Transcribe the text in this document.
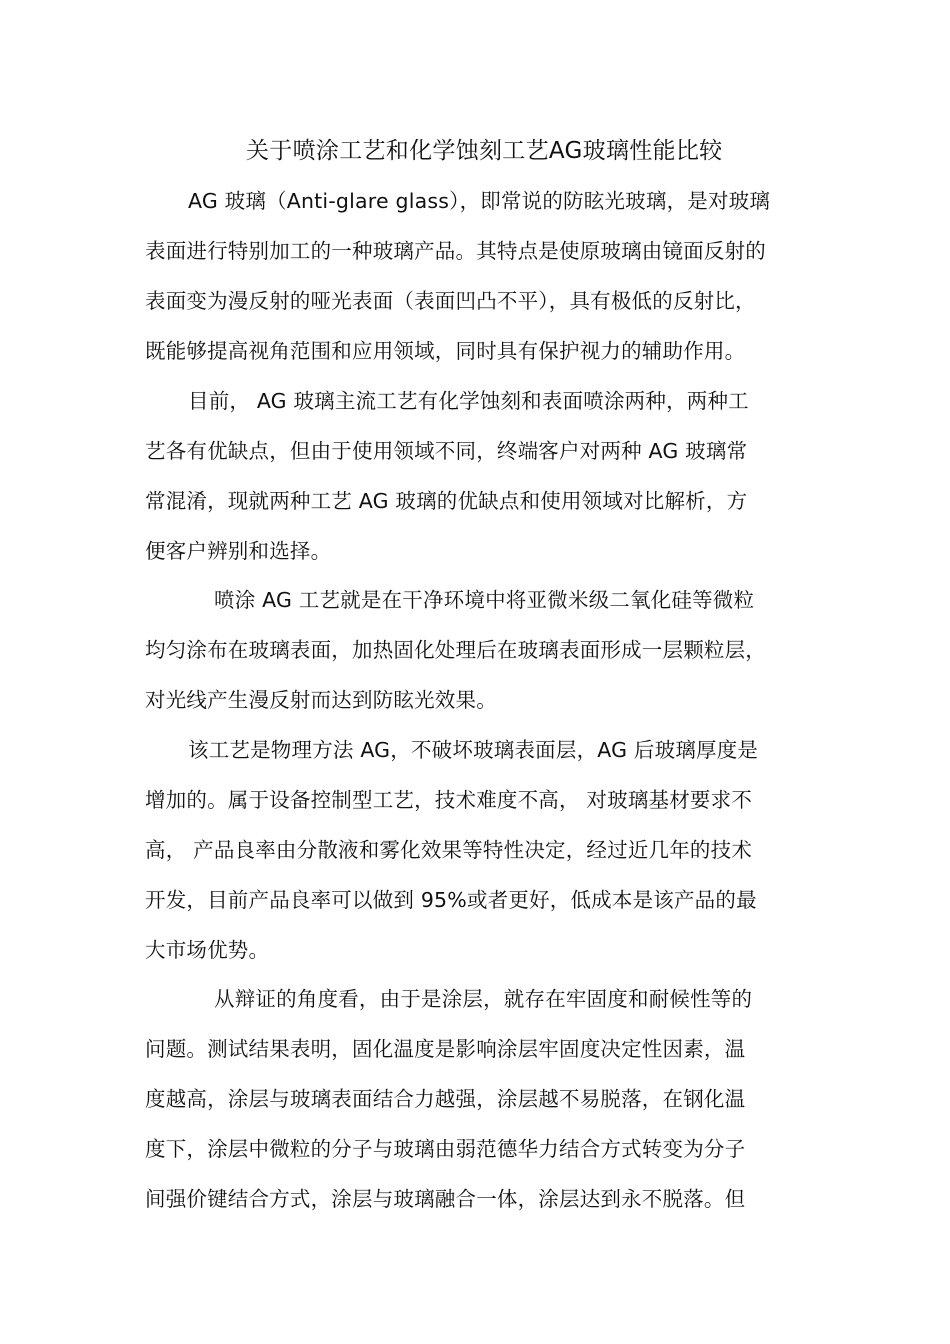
关于喷涂工艺和化学蚀刻工艺AG玻璃性能比较
AG 玻璃（Anti-glare glass），即常说的防眩光玻璃，是对玻璃
表面进行特别加工的一种玻璃产品。其特点是使原玻璃由镜面反射的
表面变为漫反射的哑光表面（表面凹凸不平），具有极低的反射比，
既能够提高视角范围和应用领域，同时具有保护视力的辅助作用。
目前， AG 玻璃主流工艺有化学蚀刻和表面喷涂两种，两种工
艺各有优缺点，但由于使用领域不同，终端客户对两种 AG 玻璃常
常混淆，现就两种工艺 AG 玻璃的优缺点和使用领域对比解析，方
便客户辨别和选择。
喷涂 AG 工艺就是在干净环境中将亚微米级二氧化硅等微粒
均匀涂布在玻璃表面，加热固化处理后在玻璃表面形成一层颗粒层，
对光线产生漫反射而达到防眩光效果。
该工艺是物理方法 AG，不破坏玻璃表面层，AG 后玻璃厚度是
增加的。属于设备控制型工艺，技术难度不高， 对玻璃基材要求不
高， 产品良率由分散液和雾化效果等特性决定，经过近几年的技术
开发，目前产品良率可以做到 95%或者更好，低成本是该产品的最
大市场优势。
从辩证的角度看，由于是涂层，就存在牢固度和耐候性等的
问题。测试结果表明，固化温度是影响涂层牢固度决定性因素，温
度越高，涂层与玻璃表面结合力越强，涂层越不易脱落，在钢化温
度下，涂层中微粒的分子与玻璃由弱范德华力结合方式转变为分子
间强价键结合方式，涂层与玻璃融合一体，涂层达到永不脱落。但
